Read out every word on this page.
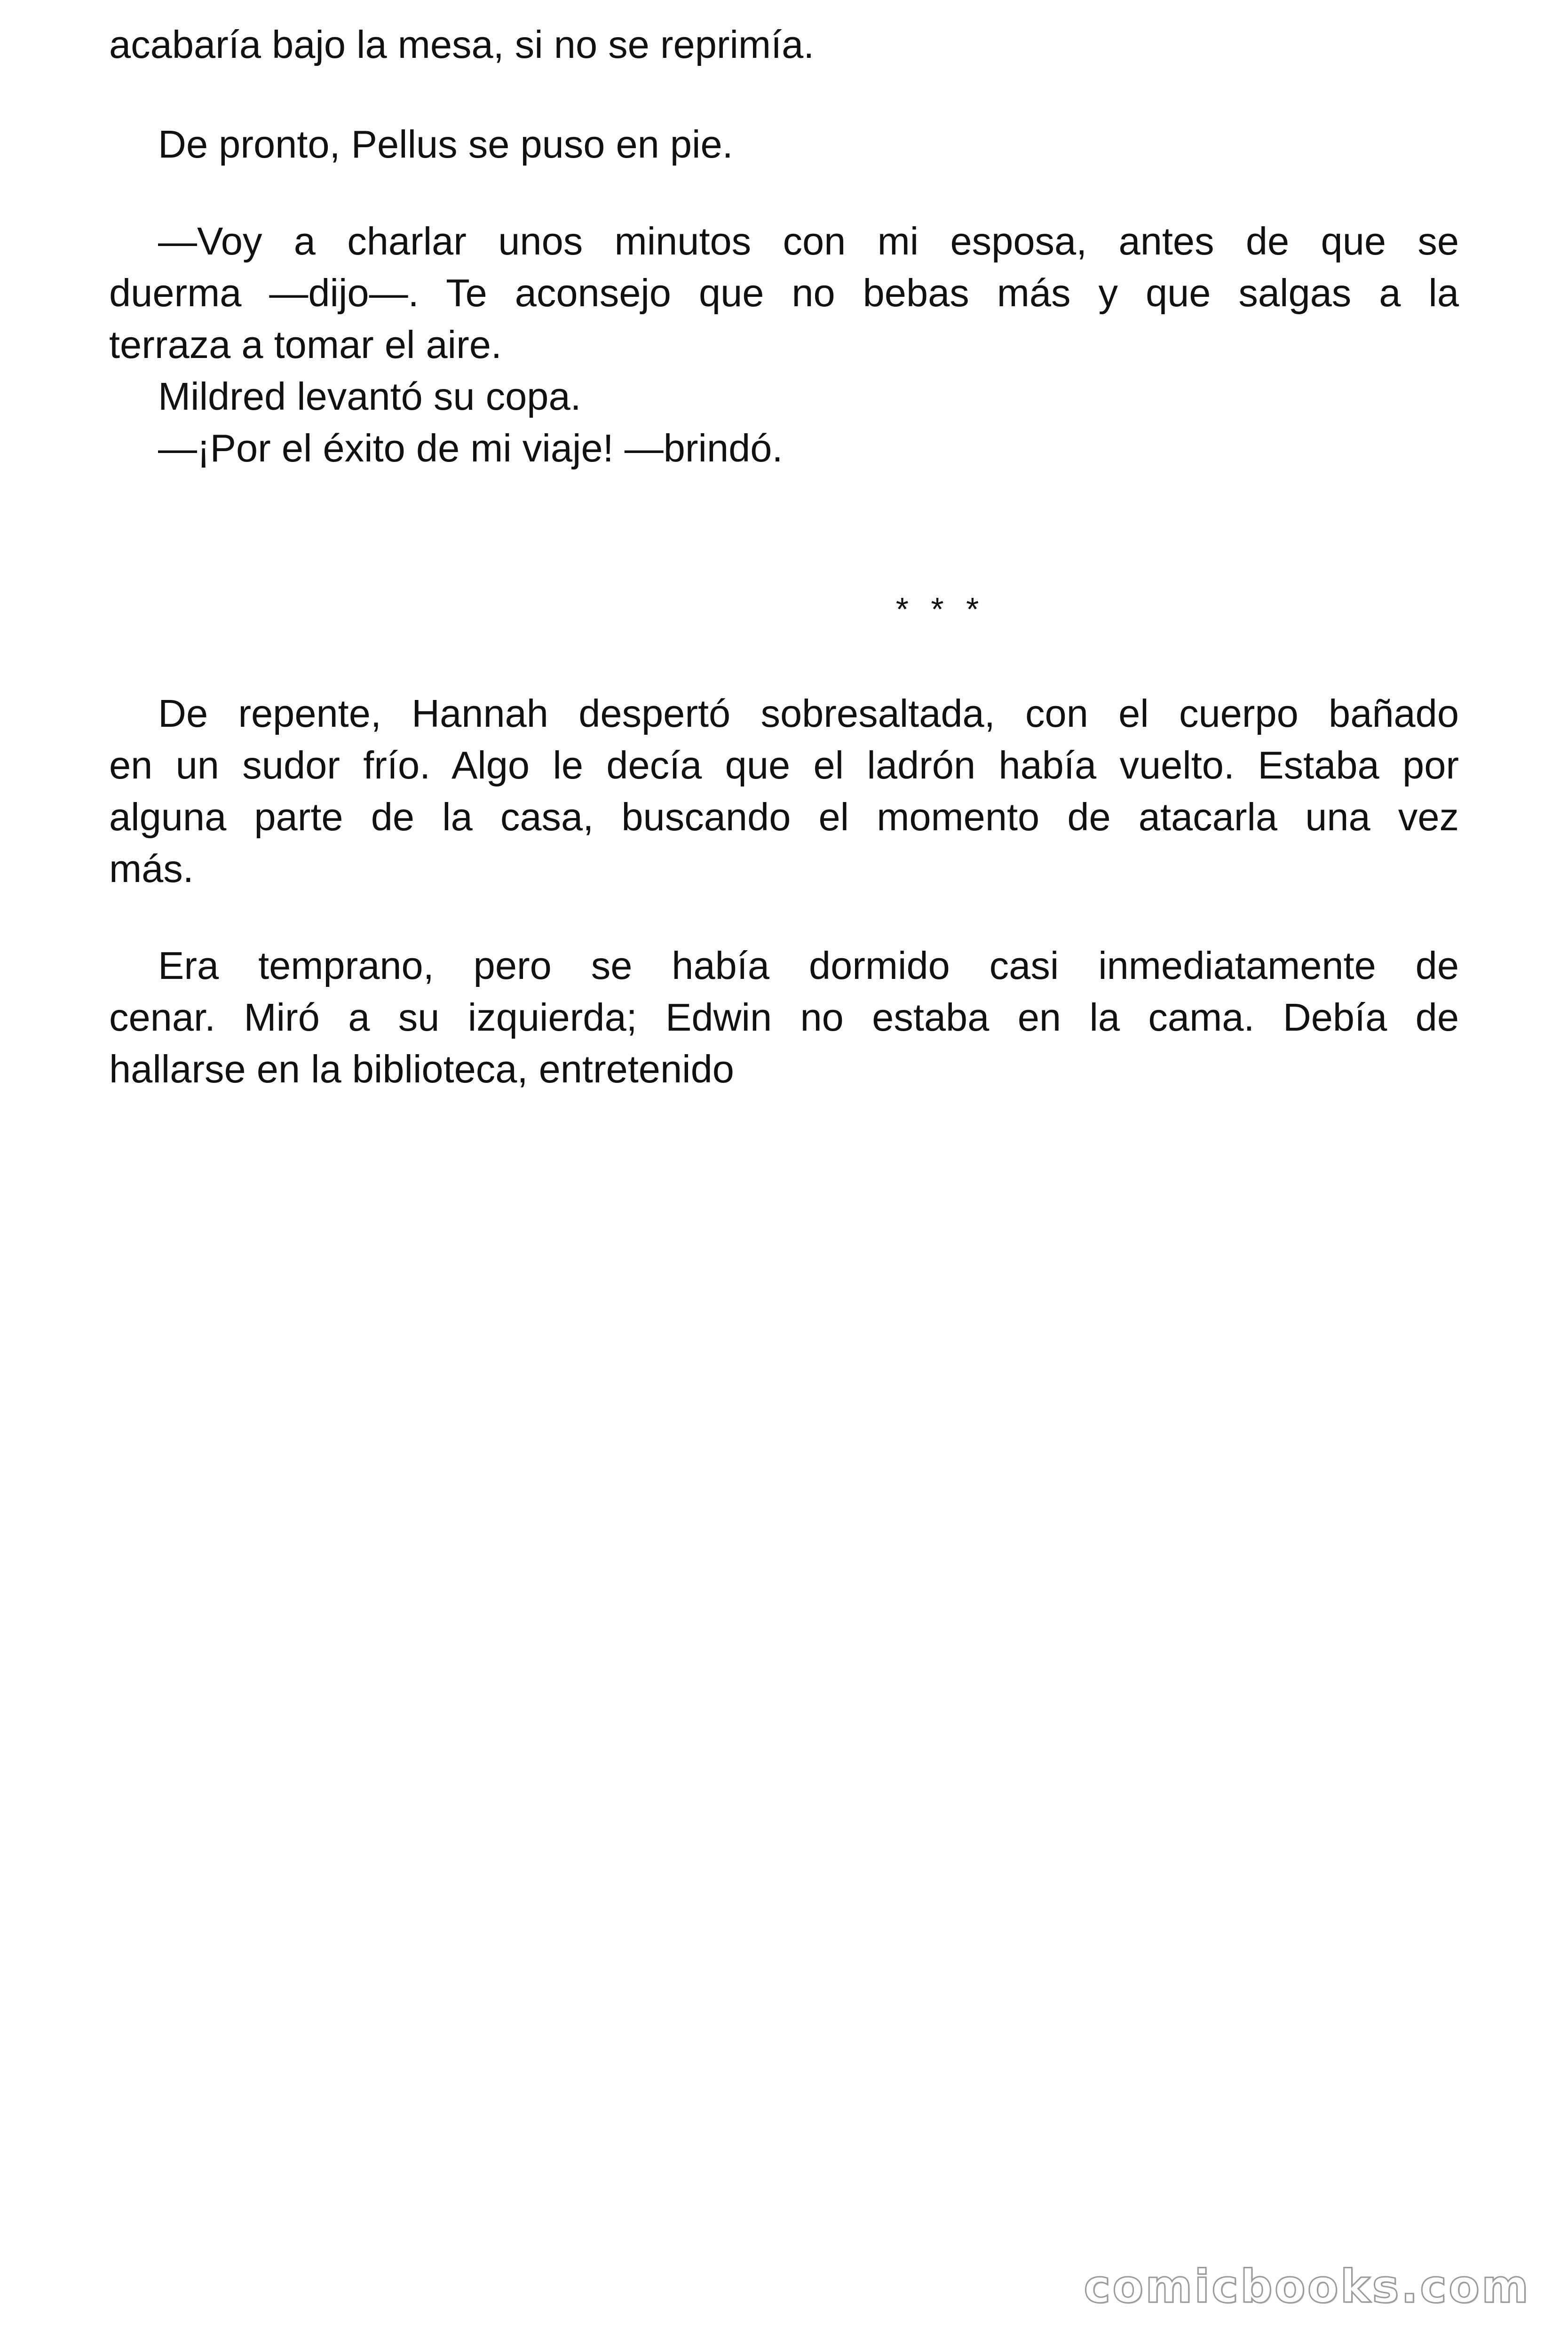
acabaría bajo la mesa, si no se reprimía.
De pronto, Pellus se puso en pie.
—Voy a charlar unos minutos con mi esposa, antes de que se
duerma —dijo—. Te aconsejo que no bebas más y que salgas a la
terraza a tomar el aire.
Mildred levantó su copa.
—¡Por el éxito de mi viaje! —brindó.
* * *
De repente, Hannah despertó sobresaltada, con el cuerpo bañado
en un sudor frío. Algo le decía que el ladrón había vuelto. Estaba por
alguna parte de la casa, buscando el momento de atacarla una vez
más.
Era temprano, pero se había dormido casi inmediatamente de
cenar. Miró a su izquierda; Edwin no estaba en la cama. Debía de
hallarse en la biblioteca, entretenido
comicbooks.com
